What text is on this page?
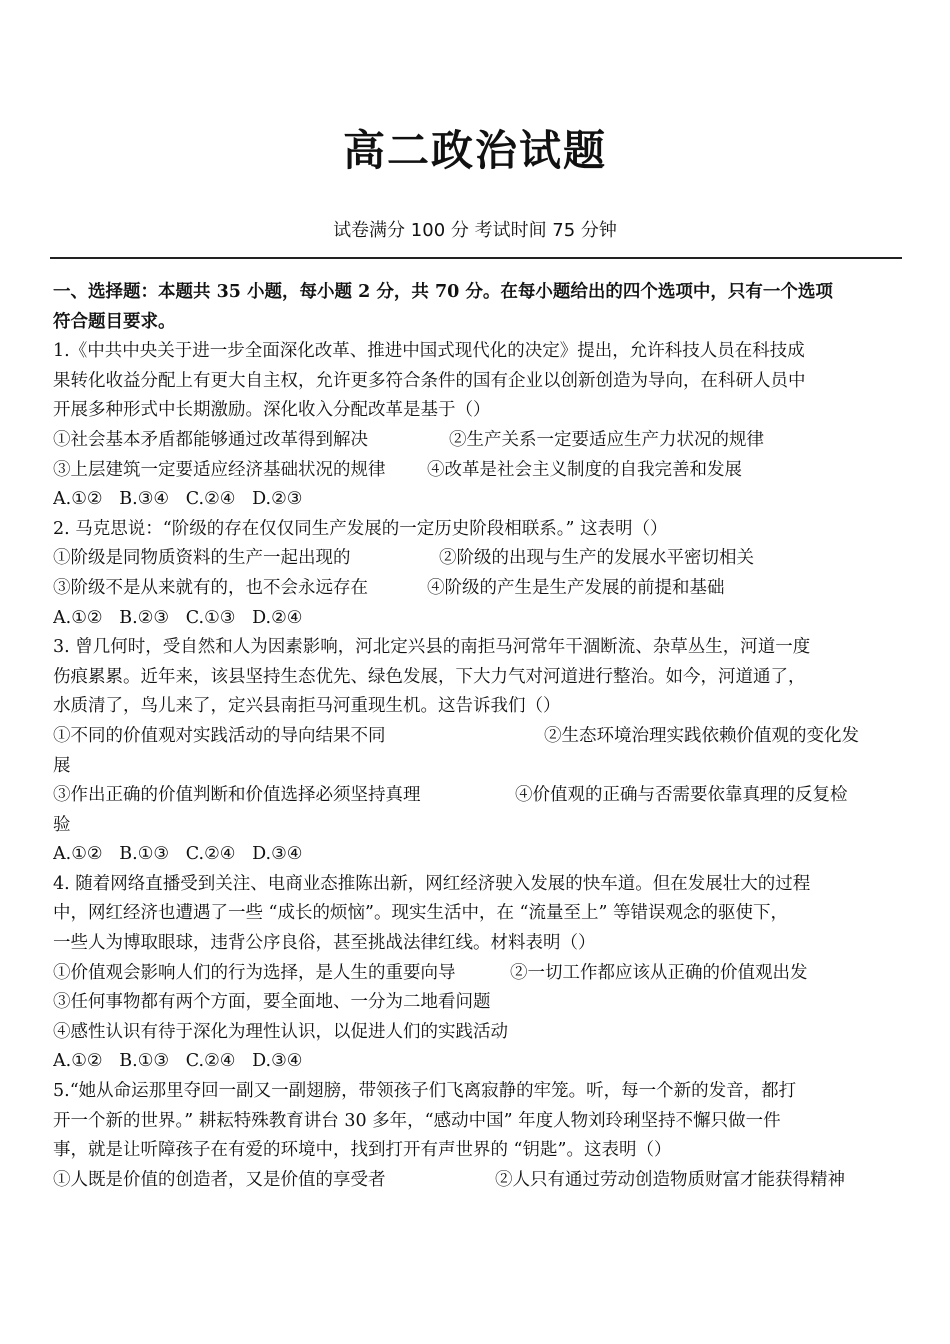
高二政治试题
试卷满分 100 分 考试时间 75 分钟
一、选择题：本题共 35 小题，每小题 2 分，共 70 分。在每小题给出的四个选项中，只有一个选项
符合题目要求。
1.《中共中央关于进一步全面深化改革、推进中国式现代化的决定》提出，允许科技人员在科技成
果转化收益分配上有更大自主权，允许更多符合条件的国有企业以创新创造为导向，在科研人员中
开展多种形式中长期激励。深化收入分配改革是基于（）
①社会基本矛盾都能够通过改革得到解决	②生产关系一定要适应生产力状况的规律
③上层建筑一定要适应经济基础状况的规律 ④改革是社会主义制度的自我完善和发展
A.①②   B.③④   C.②④   D.②③
2. 马克思说：“阶级的存在仅仅同生产发展的一定历史阶段相联系。” 这表明（）
①阶级是同物质资料的生产一起出现的	②阶级的出现与生产的发展水平密切相关
③阶级不是从来就有的，也不会永远存在	④阶级的产生是生产发展的前提和基础
A.①②   B.②③   C.①③   D.②④
3. 曾几何时，受自然和人为因素影响，河北定兴县的南拒马河常年干涸断流、杂草丛生，河道一度
伤痕累累。近年来，该县坚持生态优先、绿色发展，下大力气对河道进行整治。如今，河道通了，
水质清了，鸟儿来了，定兴县南拒马河重现生机。这告诉我们（）
①不同的价值观对实践活动的导向结果不同	②生态环境治理实践依赖价值观的变化发
展
③作出正确的价值判断和价值选择必须坚持真理	④价值观的正确与否需要依靠真理的反复检
验
A.①②   B.①③   C.②④   D.③④
4. 随着网络直播受到关注、电商业态推陈出新，网红经济驶入发展的快车道。但在发展壮大的过程
中，网红经济也遭遇了一些 “成长的烦恼”。现实生活中，在 “流量至上” 等错误观念的驱使下，
一些人为博取眼球，违背公序良俗，甚至挑战法律红线。材料表明（）
①价值观会影响人们的行为选择，是人生的重要向导	②一切工作都应该从正确的价值观出发
③任何事物都有两个方面，要全面地、一分为二地看问题
④感性认识有待于深化为理性认识，以促进人们的实践活动
A.①②   B.①③   C.②④   D.③④
5.“她从命运那里夺回一副又一副翅膀，带领孩子们飞离寂静的牢笼。听，每一个新的发音，都打
开一个新的世界。” 耕耘特殊教育讲台 30 多年，“感动中国” 年度人物刘玲琍坚持不懈只做一件
事，就是让听障孩子在有爱的环境中，找到打开有声世界的 “钥匙”。这表明（）
①人既是价值的创造者，又是价值的享受者	②人只有通过劳动创造物质财富才能获得精神
